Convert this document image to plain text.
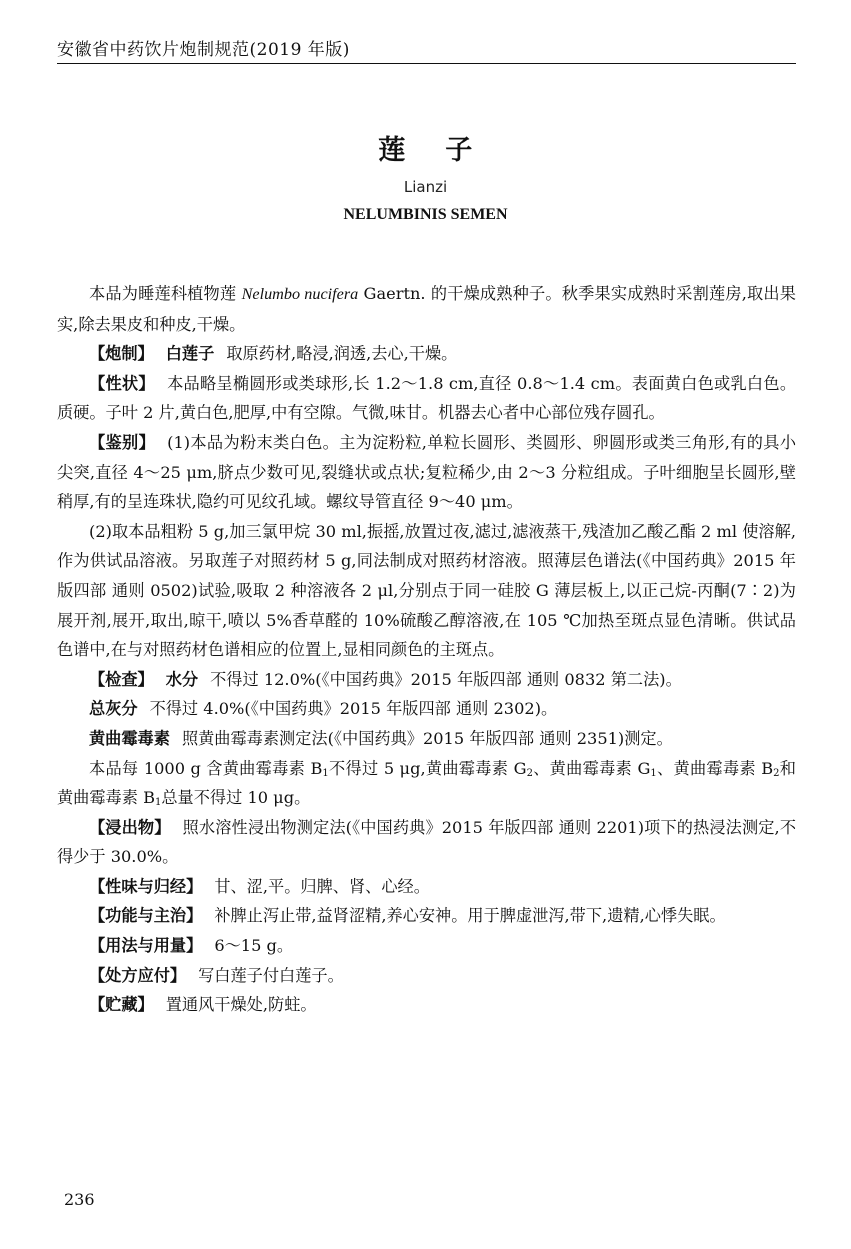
安徽省中药饮片炮制规范(2019 年版)
莲    子
Lianzi
NELUMBINIS SEMEN

本品为睡莲科植物莲 Nelumbo nucifera Gaertn. 的干燥成熟种子。秋季果实成熟时采割莲房,取出果实,除去果皮和种皮,干燥。

【炮制】 白莲子 取原药材,略浸,润透,去心,干燥。

【性状】 本品略呈椭圆形或类球形,长 1.2～1.8 cm,直径 0.8～1.4 cm。表面黄白色或乳白色。质硬。子叶 2 片,黄白色,肥厚,中有空隙。气微,味甘。机器去心者中心部位残存圆孔。

【鉴别】 (1)本品为粉末类白色。主为淀粉粒,单粒长圆形、类圆形、卵圆形或类三角形,有的具小尖突,直径 4～25 μm,脐点少数可见,裂缝状或点状;复粒稀少,由 2～3 分粒组成。子叶细胞呈长圆形,壁稍厚,有的呈连珠状,隐约可见纹孔域。螺纹导管直径 9～40 μm。

(2)取本品粗粉 5 g,加三氯甲烷 30 ml,振摇,放置过夜,滤过,滤液蒸干,残渣加乙酸乙酯 2 ml 使溶解,作为供试品溶液。另取莲子对照药材 5 g,同法制成对照药材溶液。照薄层色谱法(《中国药典》2015 年版四部 通则 0502)试验,吸取 2 种溶液各 2 μl,分别点于同一硅胶 G 薄层板上,以正己烷-丙酮(7∶2)为展开剂,展开,取出,晾干,喷以 5%香草醛的 10%硫酸乙醇溶液,在 105 ℃加热至斑点显色清晰。供试品色谱中,在与对照药材色谱相应的位置上,显相同颜色的主斑点。

【检查】 水分 不得过 12.0%(《中国药典》2015 年版四部 通则 0832 第二法)。

总灰分 不得过 4.0%(《中国药典》2015 年版四部 通则 2302)。

黄曲霉毒素 照黄曲霉毒素测定法(《中国药典》2015 年版四部 通则 2351)测定。

本品每 1000 g 含黄曲霉毒素 $B_1$不得过 5 μg,黄曲霉毒素 $G_2$、黄曲霉毒素 $G_1$、黄曲霉毒素 $B_2$和黄曲霉毒素 $B_1$总量不得过 10 μg。

【浸出物】 照水溶性浸出物测定法(《中国药典》2015 年版四部 通则 2201)项下的热浸法测定,不得少于 30.0%。

【性味与归经】 甘、涩,平。归脾、肾、心经。

【功能与主治】 补脾止泻止带,益肾涩精,养心安神。用于脾虚泄泻,带下,遗精,心悸失眠。

【用法与用量】 6～15 g。

【处方应付】 写白莲子付白莲子。

【贮藏】 置通风干燥处,防蛀。

236
